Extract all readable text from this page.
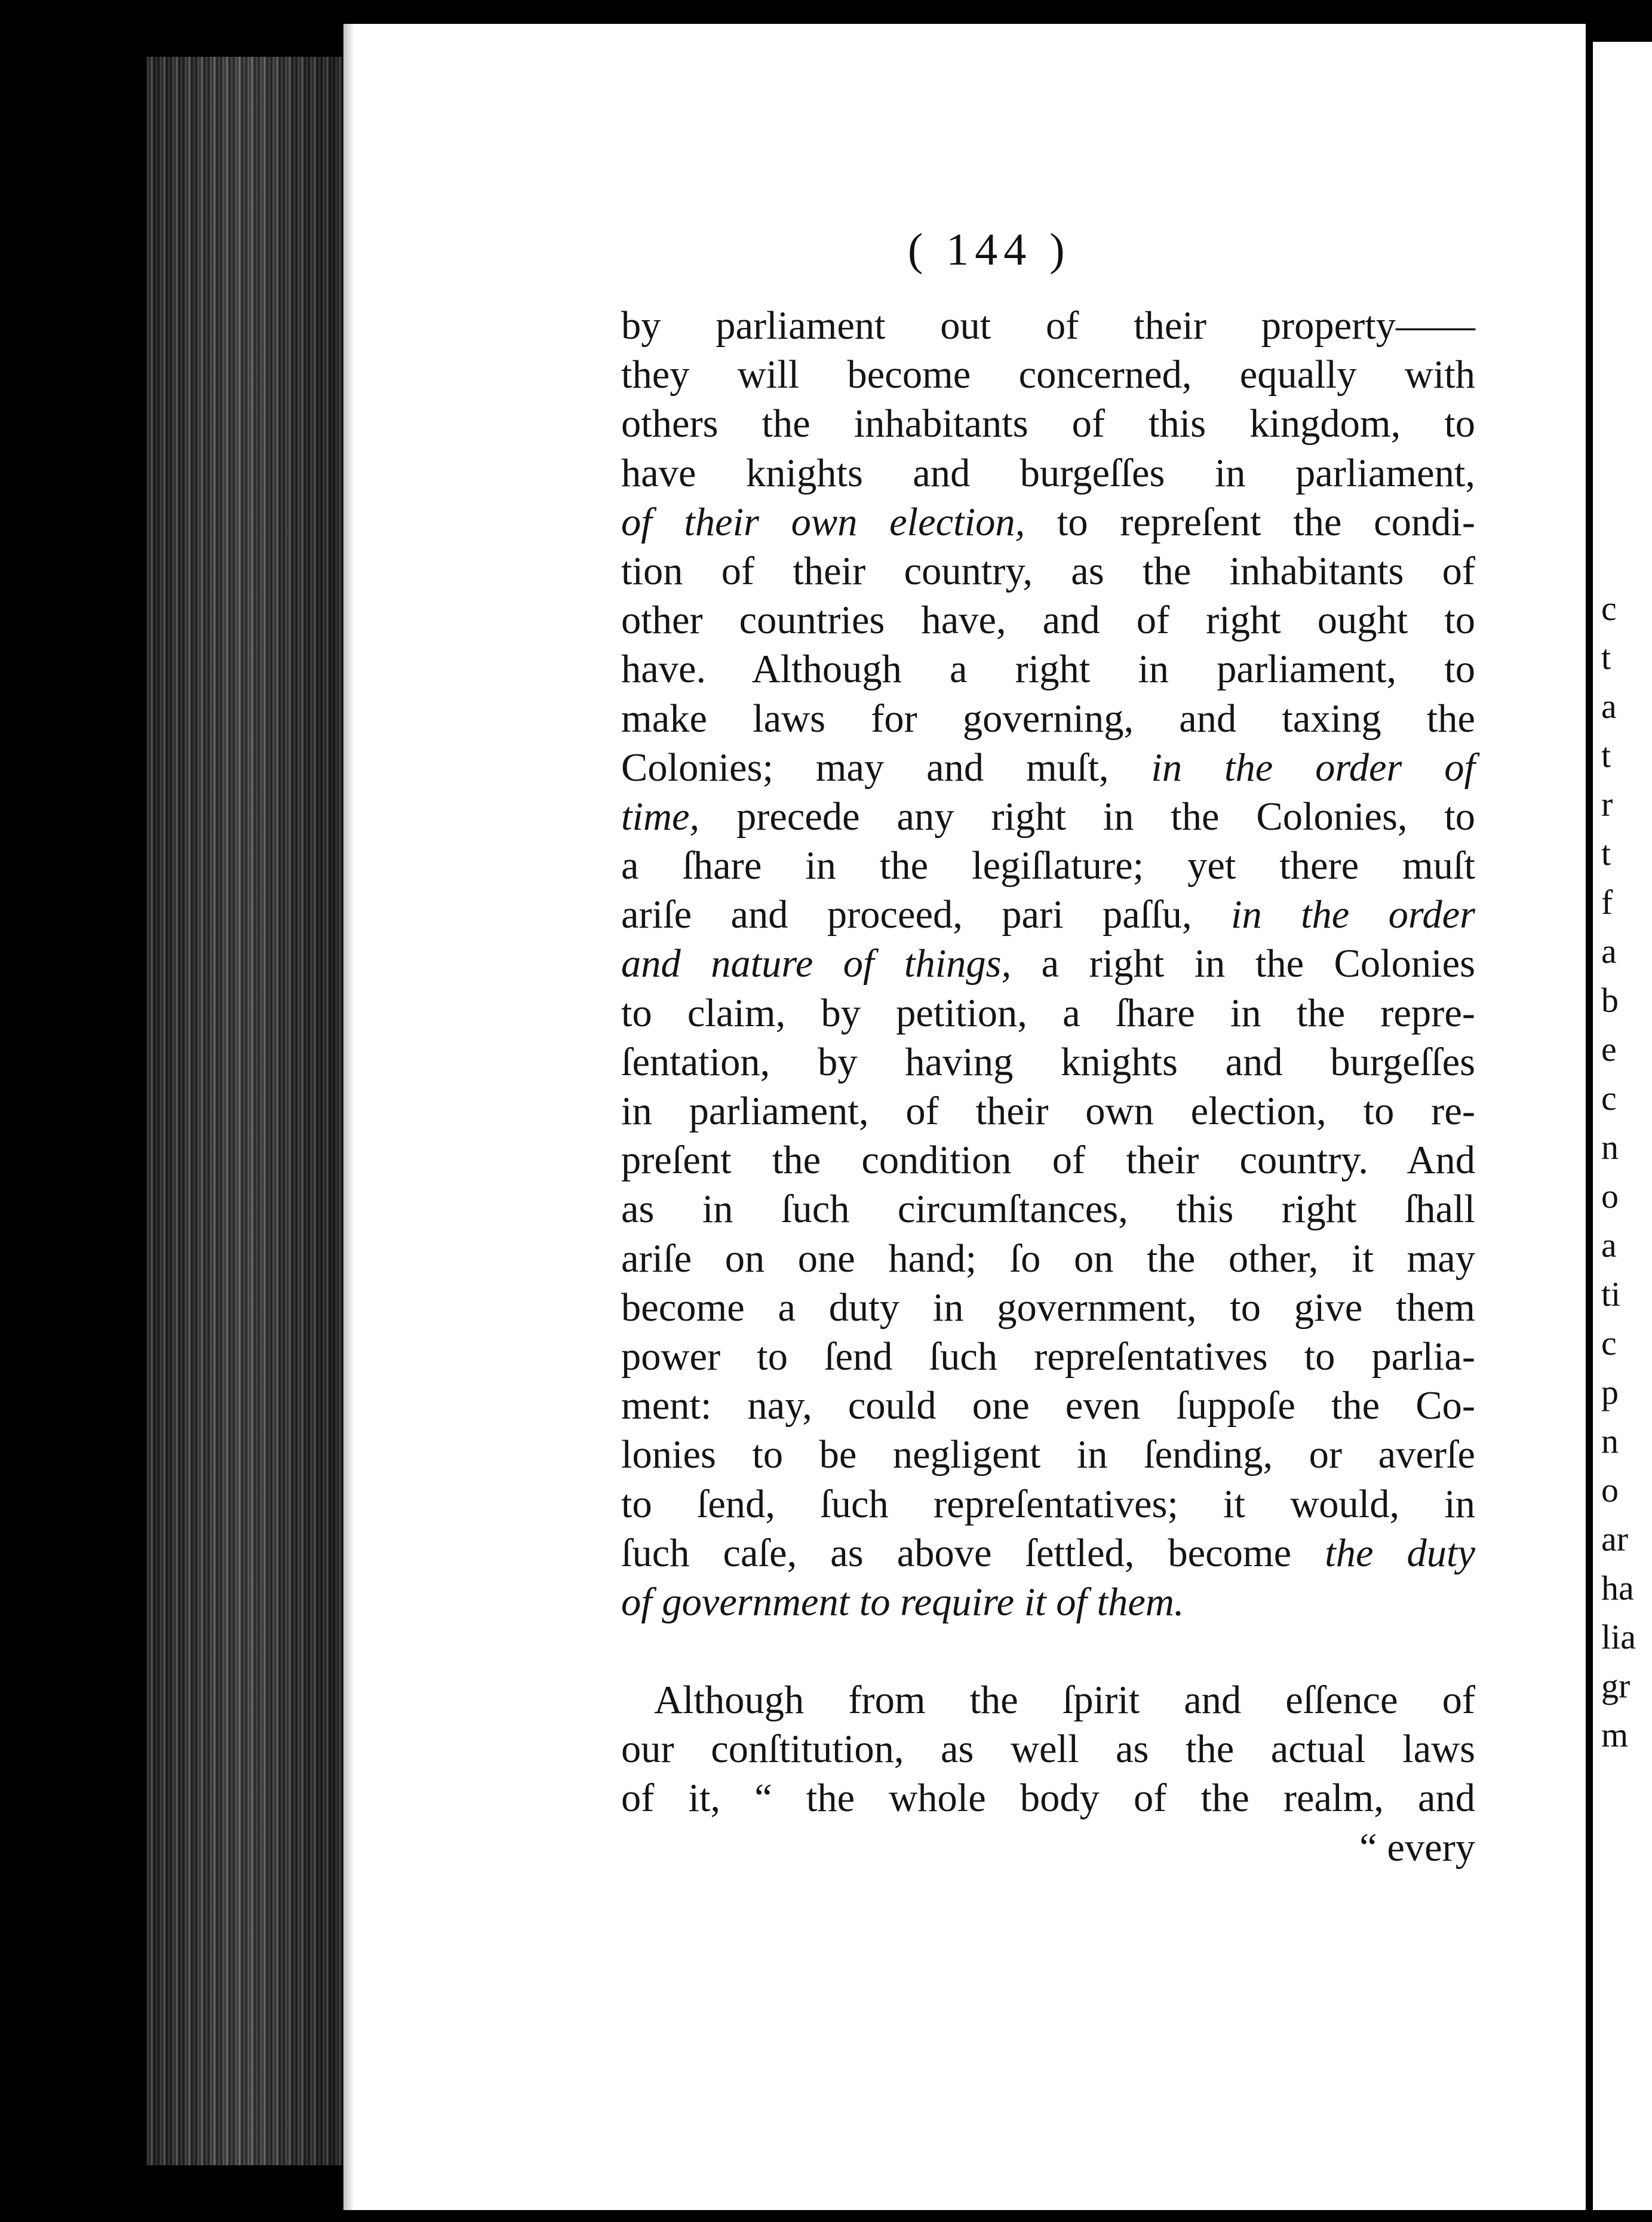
c
t
a
t
r
t
f
a
b
e
c
n
o
a
ti
c
p
n
o
ar
ha
lia
gr
m
( 144 )
by parliament out of their property——
they will become concerned, equally with
others the inhabitants of this kingdom, to
have knights and burgeſſes in parliament,
of their own election, to repreſent the condi-
tion of their country, as the inhabitants of
other countries have, and of right ought to
have. Although a right in parliament, to
make laws for governing, and taxing the
Colonies; may and muſt, in the order of
time, precede any right in the Colonies, to
a ſhare in the legiſlature; yet there muſt
ariſe and proceed, pari paſſu, in the order
and nature of things, a right in the Colonies
to claim, by petition, a ſhare in the repre-
ſentation, by having knights and burgeſſes
in parliament, of their own election, to re-
preſent the condition of their country. And
as in ſuch circumſtances, this right ſhall
ariſe on one hand; ſo on the other, it may
become a duty in government, to give them
power to ſend ſuch repreſentatives to parlia-
ment: nay, could one even ſuppoſe the Co-
lonies to be negligent in ſending, or averſe
to ſend, ſuch repreſentatives; it would, in
ſuch caſe, as above ſettled, become the duty
of government to require it of them.
Although from the ſpirit and eſſence of
our conſtitution, as well as the actual laws
of it, “ the whole body of the realm, and
“ every
